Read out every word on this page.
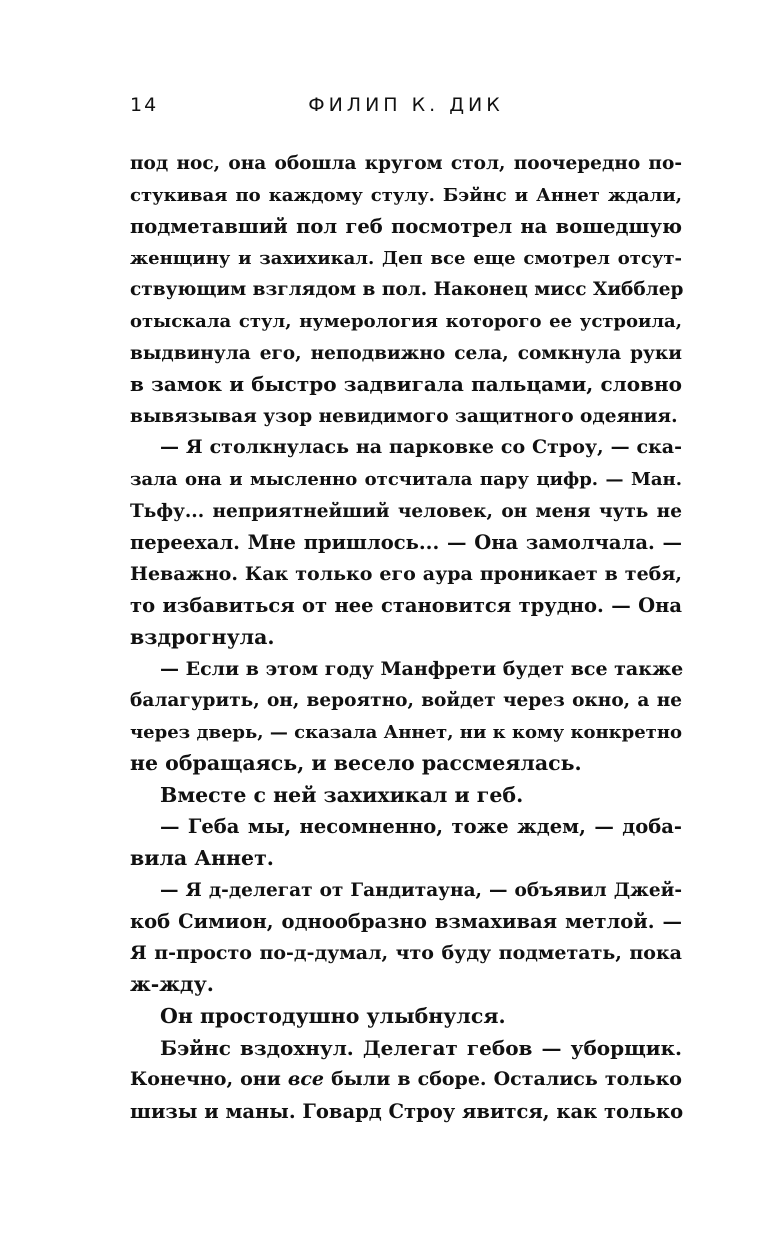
14	ФИЛИП К. ДИК
под нос, она обошла кругом стол, поочередно по-
стукивая по каждому стулу. Бэйнс и Аннет ждали,
подметавший пол геб посмотрел на вошедшую
женщину и захихикал. Деп все еще смотрел отсут-
ствующим взглядом в пол. Наконец мисс Хибблер
отыскала стул, нумерология которого ее устроила,
выдвинула его, неподвижно села, сомкнула руки
в замок и быстро задвигала пальцами, словно
вывязывая узор невидимого защитного одеяния.
— Я столкнулась на парковке со Строу, — ска-
зала она и мысленно отсчитала пару цифр. — Ман.
Тьфу... неприятнейший человек, он меня чуть не
переехал. Мне пришлось... — Она замолчала. —
Неважно. Как только его аура проникает в тебя,
то избавиться от нее становится трудно. — Она
вздрогнула.
— Если в этом году Манфрети будет все также
балагурить, он, вероятно, войдет через окно, а не
через дверь, — сказала Аннет, ни к кому конкретно
не обращаясь, и весело рассмеялась.
Вместе с ней захихикал и геб.
— Геба мы, несомненно, тоже ждем, — доба-
вила Аннет.
— Я д-делегат от Гандитауна, — объявил Джей-
коб Симион, однообразно взмахивая метлой. —
Я п-просто по-д-думал, что буду подметать, пока
ж-жду.
Он простодушно улыбнулся.
Бэйнс вздохнул. Делегат гебов — уборщик.
Конечно, они все были в сборе. Остались только
шизы и маны. Говард Строу явится, как только
